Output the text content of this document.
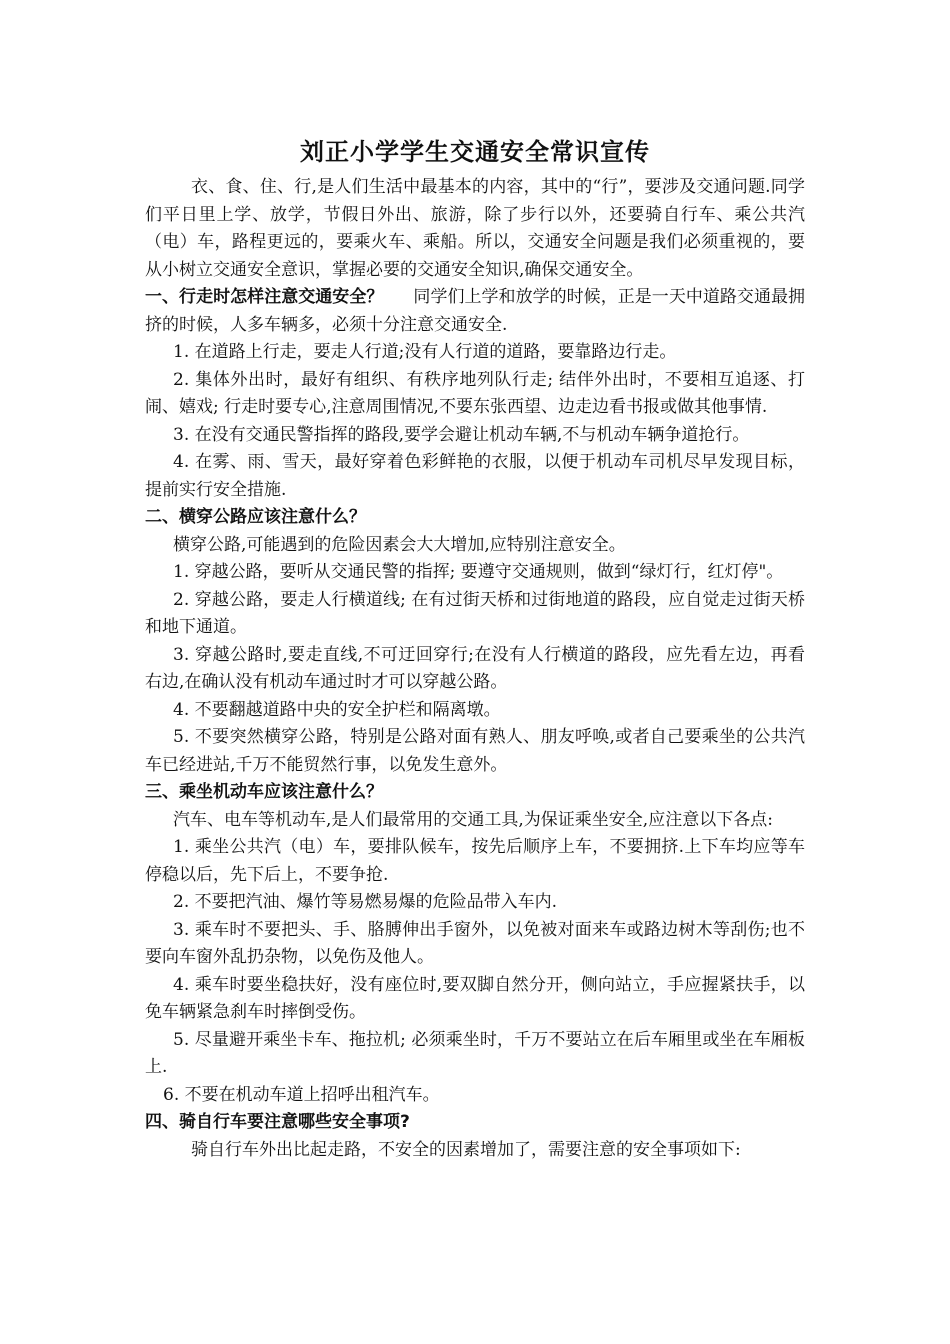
刘正小学学生交通安全常识宣传

衣、食、住、行,是人们生活中最基本的内容，其中的“行”，要涉及交通问题.同学们平日里上学、放学，节假日外出、旅游，除了步行以外，还要骑自行车、乘公共汽（电）车，路程更远的，要乘火车、乘船。所以，交通安全问题是我们必须重视的，要从小树立交通安全意识，掌握必要的交通安全知识,确保交通安全。

一、行走时怎样注意交通安全？ 同学们上学和放学的时候，正是一天中道路交通最拥挤的时候，人多车辆多，必须十分注意交通安全.

1. 在道路上行走，要走人行道;没有人行道的道路，要靠路边行走。

2. 集体外出时，最好有组织、有秩序地列队行走; 结伴外出时，不要相互追逐、打闹、嬉戏; 行走时要专心,注意周围情况,不要东张西望、边走边看书报或做其他事情.

3. 在没有交通民警指挥的路段,要学会避让机动车辆,不与机动车辆争道抢行。

4. 在雾、雨、雪天，最好穿着色彩鲜艳的衣服，以便于机动车司机尽早发现目标，提前实行安全措施.

二、横穿公路应该注意什么？

横穿公路,可能遇到的危险因素会大大增加,应特别注意安全。

1. 穿越公路，要听从交通民警的指挥; 要遵守交通规则，做到“绿灯行，红灯停"。

2. 穿越公路，要走人行横道线; 在有过街天桥和过街地道的路段，应自觉走过街天桥和地下通道。

3. 穿越公路时,要走直线,不可迂回穿行;在没有人行横道的路段，应先看左边，再看右边,在确认没有机动车通过时才可以穿越公路。

4. 不要翻越道路中央的安全护栏和隔离墩。

5. 不要突然横穿公路，特别是公路对面有熟人、朋友呼唤,或者自己要乘坐的公共汽车已经进站,千万不能贸然行事，以免发生意外。

三、乘坐机动车应该注意什么？

汽车、电车等机动车,是人们最常用的交通工具,为保证乘坐安全,应注意以下各点:

1. 乘坐公共汽（电）车，要排队候车，按先后顺序上车，不要拥挤.上下车均应等车停稳以后，先下后上，不要争抢.

2. 不要把汽油、爆竹等易燃易爆的危险品带入车内.

3. 乘车时不要把头、手、胳膊伸出手窗外，以免被对面来车或路边树木等刮伤;也不要向车窗外乱扔杂物，以免伤及他人。

4. 乘车时要坐稳扶好，没有座位时,要双脚自然分开，侧向站立，手应握紧扶手，以免车辆紧急刹车时摔倒受伤。

5. 尽量避开乘坐卡车、拖拉机; 必须乘坐时，千万不要站立在后车厢里或坐在车厢板上.

6. 不要在机动车道上招呼出租汽车。

四、骑自行车要注意哪些安全事项?

骑自行车外出比起走路，不安全的因素增加了，需要注意的安全事项如下:
